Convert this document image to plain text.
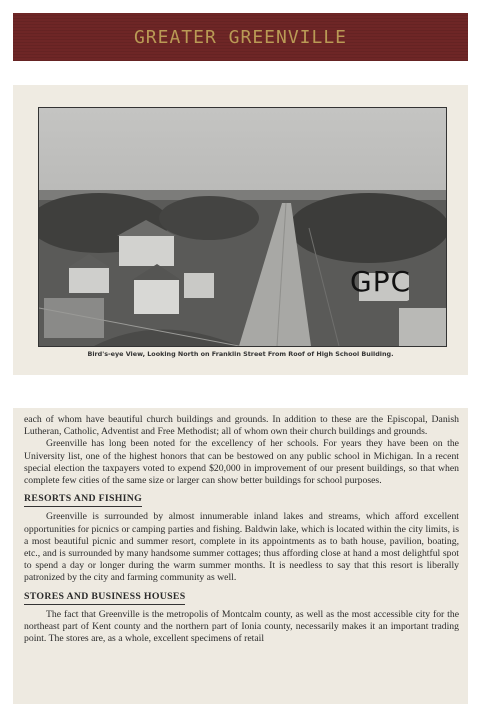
GREATER GREENVILLE
GPC
Bird's-eye View, Looking North on Franklin Street From Roof of High School Building.

each of whom have beautiful church buildings and grounds. In addition to these are the Episcopal, Danish Lutheran, Catholic, Adventist and Free Methodist; all of whom own their church buildings and grounds.

Greenville has long been noted for the excellency of her schools. For years they have been on the University list, one of the highest honors that can be bestowed on any public school in Michigan. In a recent special election the taxpayers voted to expend $20,000 in improvement of our present buildings, so that when complete few cities of the same size or larger can show better buildings for school purposes.

RESORTS AND FISHING

Greenville is surrounded by almost innumerable inland lakes and streams, which afford excellent opportunities for picnics or camping parties and fishing. Baldwin lake, which is located within the city limits, is a most beautiful picnic and summer resort, complete in its appointments as to bath house, pavilion, boating, etc., and is surrounded by many handsome summer cottages; thus affording close at hand a most delightful spot to spend a day or longer during the warm summer months. It is needless to say that this resort is liberally patronized by the city and farming community as well.

STORES AND BUSINESS HOUSES

The fact that Greenville is the metropolis of Montcalm county, as well as the most accessible city for the northeast part of Kent county and the northern part of Ionia county, necessarily makes it an important trading point. The stores are, as a whole, excellent specimens of retail
